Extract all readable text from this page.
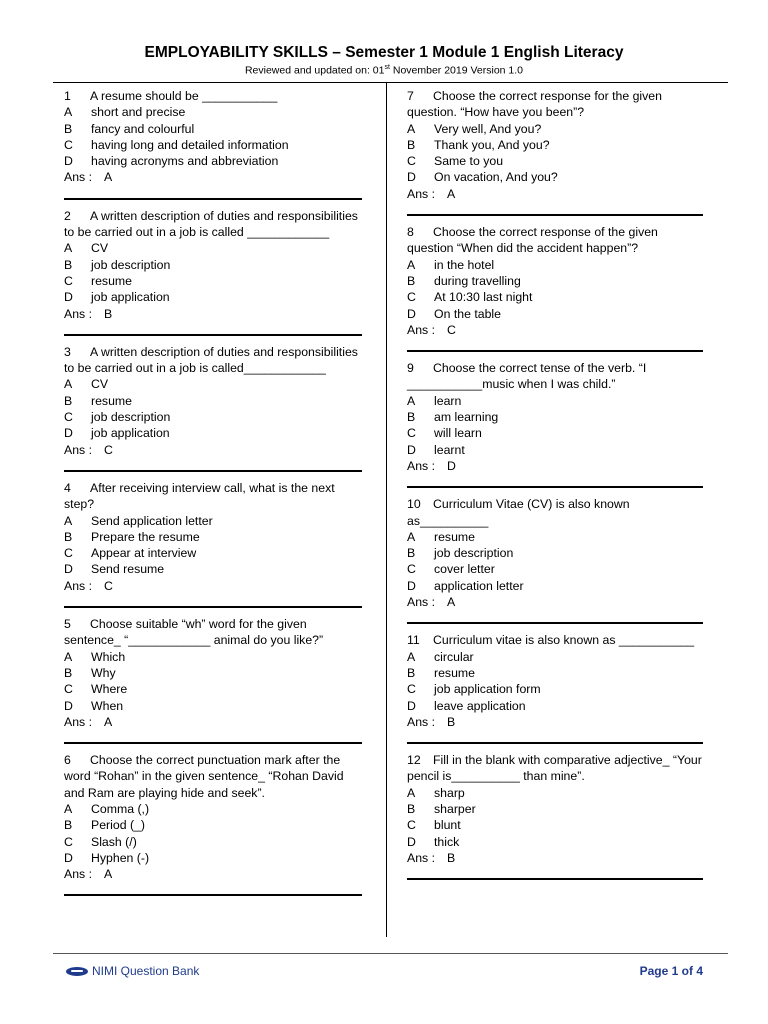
EMPLOYABILITY SKILLS – Semester 1 Module 1 English Literacy
Reviewed and updated on: 01st November 2019 Version 1.0

1 A resume should be ___________

A	short and precise
B	fancy and colourful
C	having long and detailed information
D	having acronyms and abbreviation
Ans : A

2 A written description of duties and responsibilities to be carried out in a job is called ____________

A	CV
B	job description
C	resume
D	job application
Ans : B

3 A written description of duties and responsibilities to be carried out in a job is called____________

A	CV
B	resume
C	job description
D	job application
Ans : C

4 After receiving interview call, what is the next step?

A	Send application letter
B	Prepare the resume
C	Appear at interview
D	Send resume
Ans : C

5 Choose suitable “wh” word for the given sentence_ “____________ animal do you like?”

A	Which
B	Why
C	Where
D	When
Ans : A

6 Choose the correct punctuation mark after the word “Rohan” in the given sentence_ “Rohan David and Ram are playing hide and seek”.

A	Comma (,)
B	Period (_)
C	Slash (/)
D	Hyphen (-)
Ans : A

7 Choose the correct response for the given question. “How have you been”?

A	Very well, And you?
B	Thank you, And you?
C	Same to you
D	On vacation, And you?
Ans : A

8 Choose the correct response of the given question “When did the accident happen”?

A	in the hotel
B	during travelling
C	At 10:30 last night
D	On the table
Ans : C

9 Choose the correct tense of the verb. “I ___________music when I was child.”

A	learn
B	am learning
C	will learn
D	learnt
Ans : D

10 Curriculum Vitae (CV) is also known as__________

A	resume
B	job description
C	cover letter
D	application letter
Ans : A

11 Curriculum vitae is also known as ___________

A	circular
B	resume
C	job application form
D	leave application
Ans : B

12 Fill in the blank with comparative adjective_ “Your pencil is__________ than mine”.

A	sharp
B	sharper
C	blunt
D	thick
Ans : B
NIMI Question Bank	Page 1 of 4
